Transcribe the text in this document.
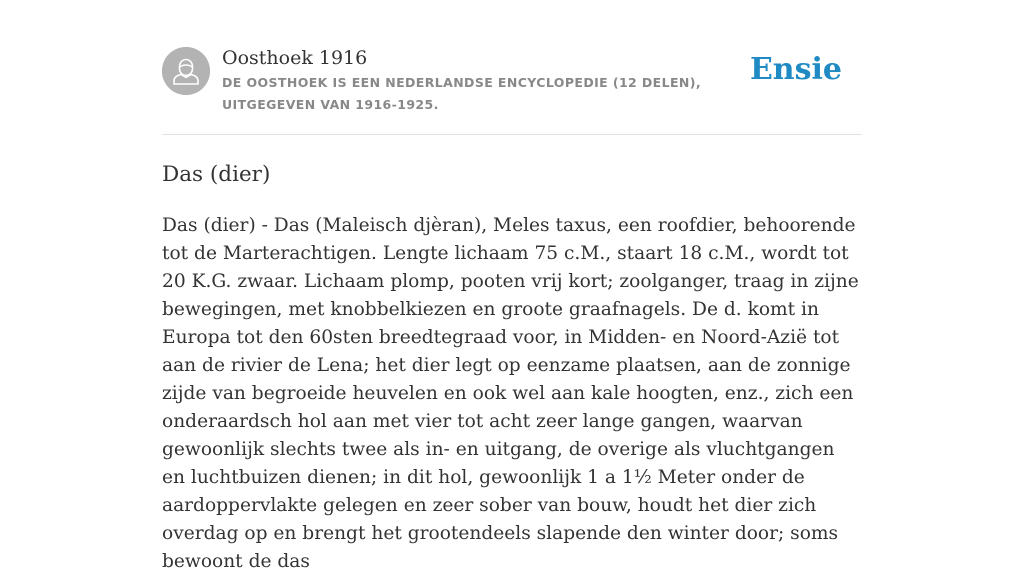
Oosthoek 1916
DE OOSTHOEK IS EEN NEDERLANDSE ENCYCLOPEDIE (12 DELEN), UITGEGEVEN VAN 1916-1925.
Ensie
Das (dier)

Das (dier) - Das (Maleisch djèran), Meles taxus, een roofdier, behoorende tot de Marterachtigen. Lengte lichaam 75 c.M., staart 18 c.M., wordt tot 20 K.G. zwaar. Lichaam plomp, pooten vrij kort; zoolganger, traag in zijne bewegingen, met knobbelkiezen en groote graafnagels. De d. komt in Europa tot den 60sten breedtegraad voor, in Midden- en Noord-Azië tot aan de rivier de Lena; het dier legt op eenzame plaatsen, aan de zonnige zijde van begroeide heuvelen en ook wel aan kale hoogten, enz., zich een onderaardsch hol aan met vier tot acht zeer lange gangen, waarvan gewoonlijk slechts twee als in- en uitgang, de overige als vluchtgangen en luchtbuizen dienen; in dit hol, gewoonlijk 1 a 1½ Meter onder de aardoppervlakte gelegen en zeer sober van bouw, houdt het dier zich overdag op en brengt het grootendeels slapende den winter door; soms bewoont de das
